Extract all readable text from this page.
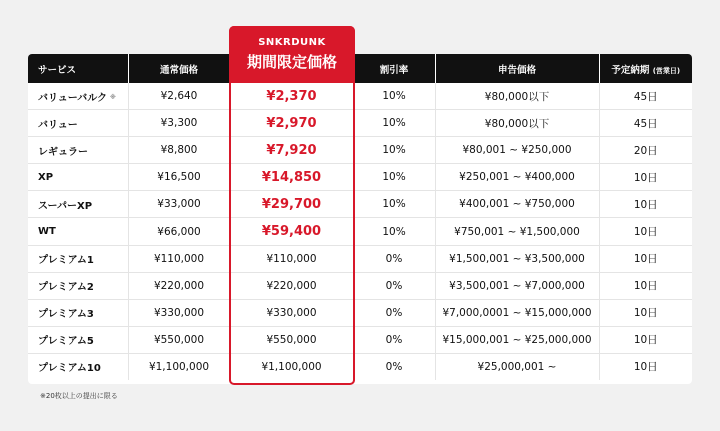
サービス	通常価格		割引率	申告価格	予定納期 (営業日)
バリューバルク ※	¥2,640	¥2,370	10%	¥80,000以下	45日
バリュー	¥3,300	¥2,970	10%	¥80,000以下	45日
レギュラー	¥8,800	¥7,920	10%	¥80,001 ~ ¥250,000	20日
XP	¥16,500	¥14,850	10%	¥250,001 ~ ¥400,000	10日
スーパーXP	¥33,000	¥29,700	10%	¥400,001 ~ ¥750,000	10日
WT	¥66,000	¥59,400	10%	¥750,001 ~ ¥1,500,000	10日
プレミアム1	¥110,000	¥110,000	0%	¥1,500,001 ~ ¥3,500,000	10日
プレミアム2	¥220,000	¥220,000	0%	¥3,500,001 ~ ¥7,000,000	10日
プレミアム3	¥330,000	¥330,000	0%	¥7,000,0001 ~ ¥15,000,000	10日
プレミアム5	¥550,000	¥550,000	0%	¥15,000,001 ~ ¥25,000,000	10日
プレミアム10	¥1,100,000	¥1,100,000	0%	¥25,000,001 ~	10日
SNKRDUNK
期間限定価格
※20枚以上の提出に限る
